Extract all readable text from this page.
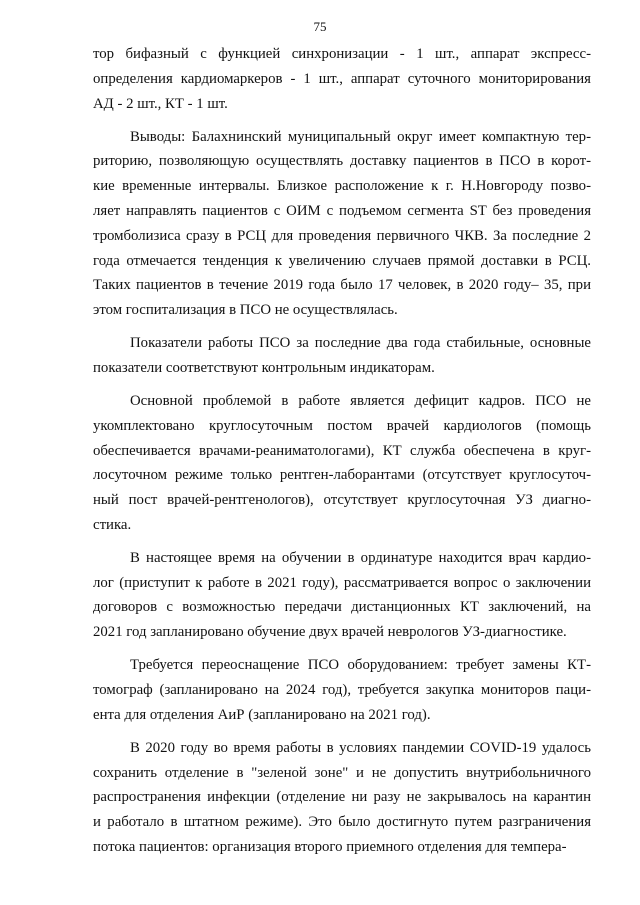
75
тор бифазный с функцией синхронизации - 1 шт., аппарат экспресс-
определения кардиомаркеров - 1 шт., аппарат суточного мониторирования
АД - 2 шт., КТ - 1 шт.
Выводы: Балахнинский муниципальный округ имеет компактную тер-
риторию, позволяющую осуществлять доставку пациентов в ПСО в корот-
кие временные интервалы. Близкое расположение к г. Н.Новгороду позво-
ляет направлять пациентов с ОИМ с подъемом сегмента ST без проведения
тромболизиса сразу в РСЦ для проведения первичного ЧКВ. За последние 2
года отмечается тенденция к увеличению случаев прямой доставки в РСЦ.
Таких пациентов в течение 2019 года было 17 человек, в 2020 году– 35, при
этом госпитализация в ПСО не осуществлялась.
Показатели работы ПСО за последние два года стабильные, основные
показатели соответствуют контрольным индикаторам.
Основной проблемой в работе является дефицит кадров. ПСО не
укомплектовано круглосуточным постом врачей кардиологов (помощь
обеспечивается врачами-реаниматологами), КТ служба обеспечена в круг-
лосуточном режиме только рентген-лаборантами (отсутствует круглосуточ-
ный пост врачей-рентгенологов), отсутствует круглосуточная УЗ диагно-
стика.
В настоящее время на обучении в ординатуре находится врач кардио-
лог (приступит к работе в 2021 году), рассматривается вопрос о заключении
договоров с возможностью передачи дистанционных КТ заключений, на
2021 год запланировано обучение двух врачей неврологов УЗ-диагностике.
Требуется переоснащение ПСО оборудованием: требует замены КТ-
томограф (запланировано на 2024 год), требуется закупка мониторов паци-
ента для отделения АиР (запланировано на 2021 год).
В 2020 году во время работы в условиях пандемии COVID-19 удалось
сохранить отделение в "зеленой зоне" и не допустить внутрибольничного
распространения инфекции (отделение ни разу не закрывалось на карантин
и работало в штатном режиме). Это было достигнуто путем разграничения
потока пациентов: организация второго приемного отделения для темпера-
